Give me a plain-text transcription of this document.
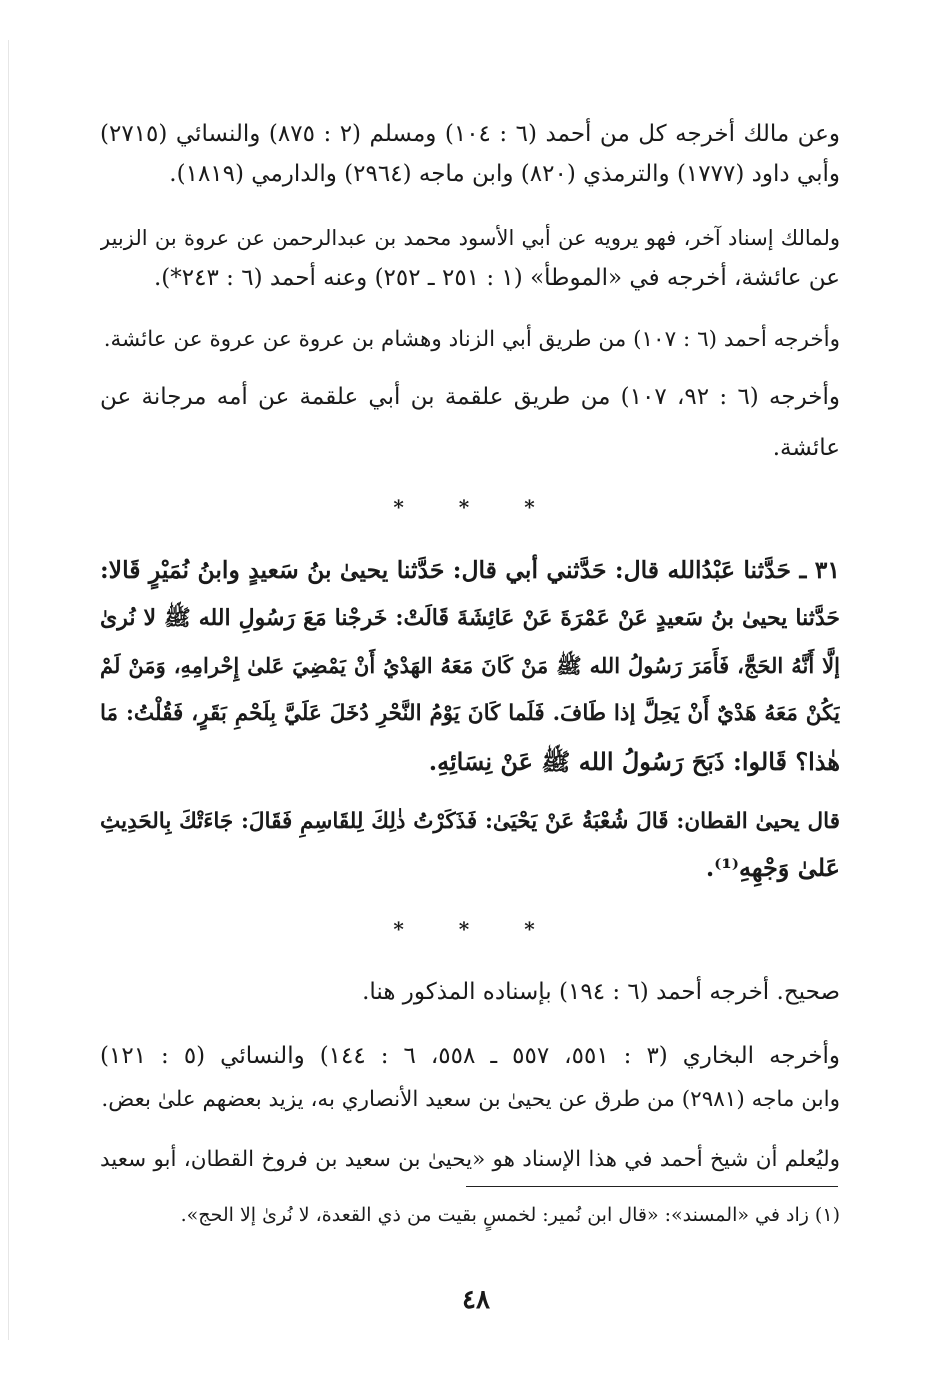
وعن مالك أخرجه كل من أحمد (٦ : ١٠٤) ومسلم (٢ : ٨٧٥) والنسائي (٢٧١٥)
وأبي داود (١٧٧٧) والترمذي (٨٢٠) وابن ماجه (٢٩٦٤) والدارمي (١٨١٩).
ولمالك إسناد آخر، فهو يرويه عن أبي الأسود محمد بن عبدالرحمن عن عروة بن الزبير
عن عائشة، أخرجه في «الموطأ» (١ : ٢٥١ ـ ٢٥٢) وعنه أحمد (٦ : ٢٤٣*).
وأخرجه أحمد (٦ : ١٠٧) من طريق أبي الزناد وهشام بن عروة عن عروة عن عائشة.
وأخرجه (٦ : ٩٢، ١٠٧) من طريق علقمة بن أبي علقمة عن أمه مرجانة عن
عائشة.
* * *
٣١ ـ حَدَّثنا عَبْدُالله قال: حَدَّثني أبي قال: حَدَّثنا يحيىٰ بنُ سَعيدٍ وابنُ نُمَيْرٍ قَالا:
حَدَّثنا يحيىٰ بنُ سَعيدٍ عَنْ عَمْرَةَ عَنْ عَائِشَةَ قَالَتْ: خَرجْنا مَعَ رَسُولِ الله ﷺ لا نُرىٰ
إلَّا أَنَّهُ الحَجَّ، فَأَمَرَ رَسُولُ الله ﷺ مَنْ كَانَ مَعَهُ الهَدْيُ أَنْ يَمْضِيَ عَلىٰ إِحْرامِهِ، وَمَنْ لَمْ
يَكُنْ مَعَهُ هَدْيٌ أَنْ يَحِلَّ إذا طَافَ. فَلَما كَانَ يَوْمُ النَّحْرِ دُخَلَ عَلَيَّ بِلَحْمِ بَقَرٍ، فَقُلْتُ: مَا
هٰذا؟ قَالوا: ذَبَحَ رَسُولُ الله ﷺ عَنْ نِسَائِهِ.
قال يحيىٰ القطان: قَالَ شُعْبَةُ عَنْ يَحْيَىٰ: فَذَكَرْتُ ذٰلِكَ لِلقَاسِمِ فَقَالَ: جَاءَتْكَ بِالحَدِيثِ
عَلىٰ وَجْهِهِ⁽¹⁾.
* * *
صحيح. أخرجه أحمد (٦ : ١٩٤) بإسناده المذكور هنا.
وأخرجه البخاري (٣ : ٥٥١، ٥٥٧ ـ ٥٥٨، ٦ : ١٤٤) والنسائي (٥ : ١٢١)
وابن ماجه (٢٩٨١) من طرق عن يحيىٰ بن سعيد الأنصاري به، يزيد بعضهم علىٰ بعض.
وليُعلم أن شيخ أحمد في هذا الإسناد هو «يحيىٰ بن سعيد بن فروخ القطان، أبو سعيد
(١) زاد في «المسند»: «قال ابن نُمير: لخمسٍ بقيت من ذي القعدة، لا نُرىٰ إلا الحج».
٤٨
